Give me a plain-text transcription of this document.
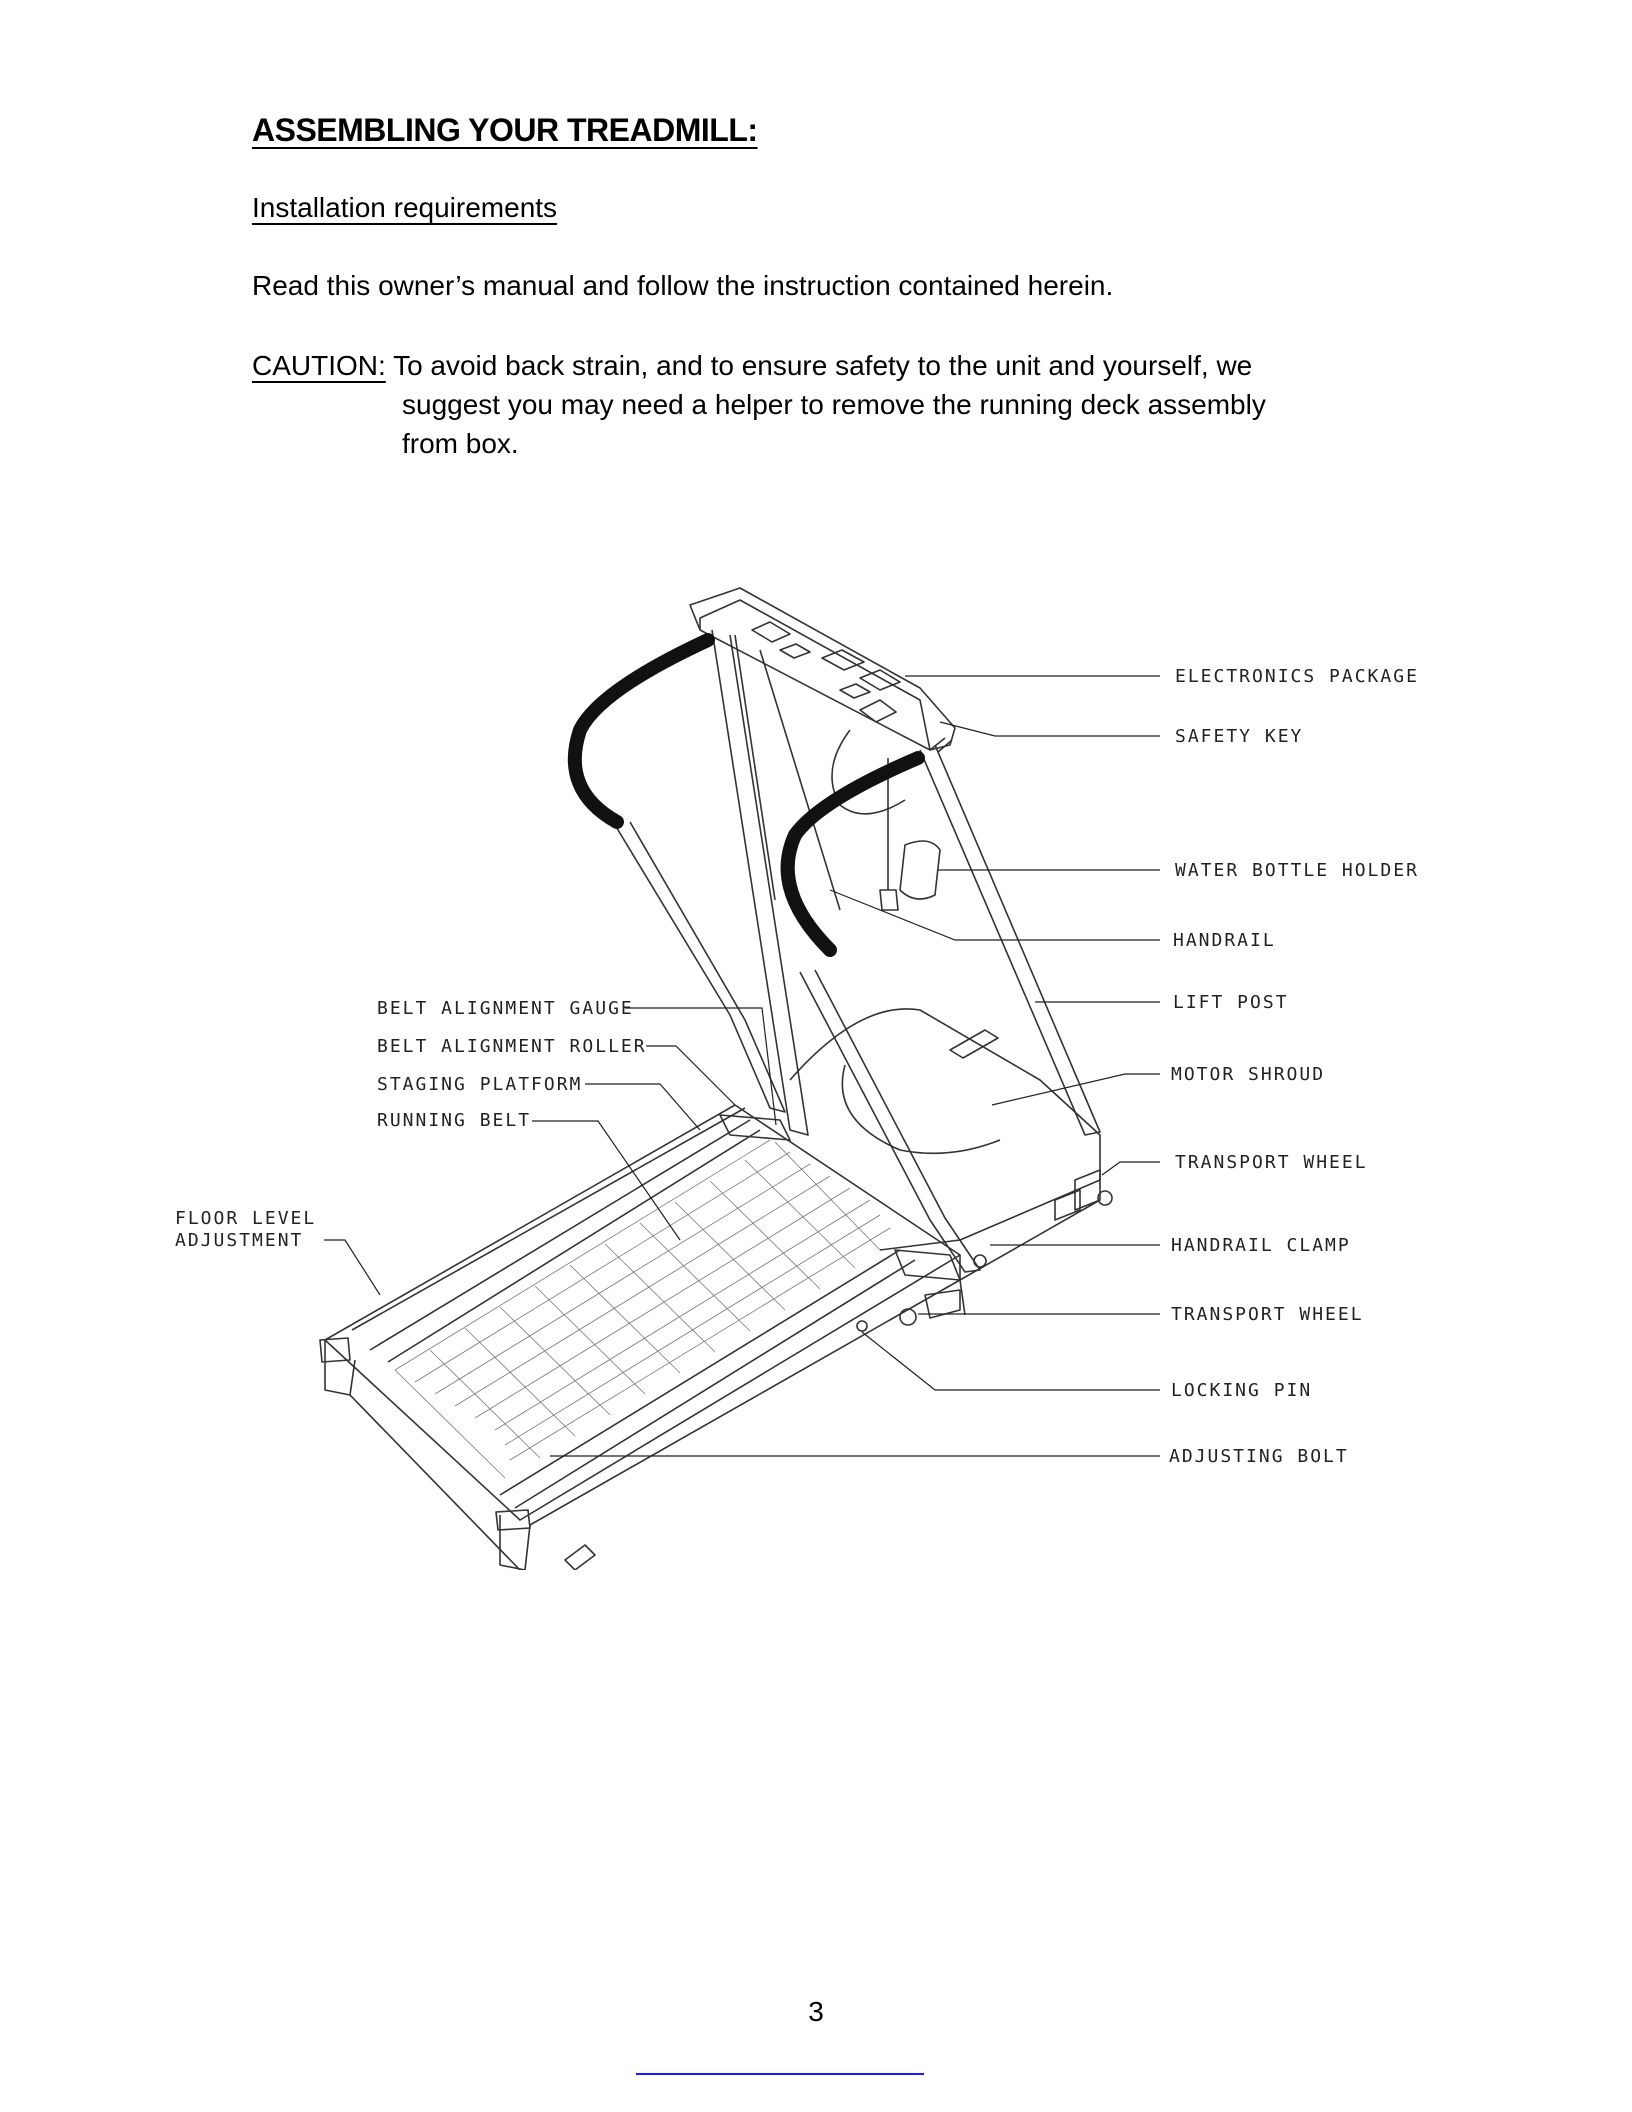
ASSEMBLING YOUR TREADMILL:
Installation requirements

Read this owner’s manual and follow the instruction contained herein.

CAUTION: To avoid back strain, and to ensure safety to the unit and yourself, we
suggest you may need a helper to remove the running deck assembly
from box.

ELECTRONICS PACKAGE
SAFETY KEY
WATER BOTTLE HOLDER
HANDRAIL
LIFT POST
MOTOR SHROUD
TRANSPORT WHEEL
HANDRAIL CLAMP
TRANSPORT WHEEL
LOCKING PIN
ADJUSTING BOLT
BELT ALIGNMENT GAUGE
BELT ALIGNMENT ROLLER
STAGING PLATFORM
RUNNING BELT
FLOOR LEVEL
ADJUSTMENT

3
